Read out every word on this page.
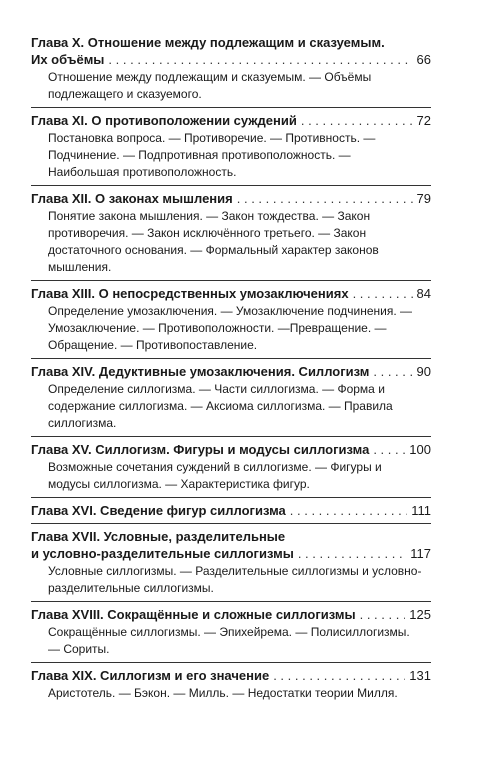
Глава X. Отношение между подлежащим и сказуемым.
Их объёмы . . .	66
Отношение между подлежащим и сказуемым. — Объёмы подлежащего и сказуемого.
Глава XI. О противоположении суждений . . .	72
Постановка вопроса. — Противоречие. — Противность. — Подчинение. — Подпротивная противоположность. — Наибольшая противоположность.
Глава XII. О законах мышления . . .	79
Понятие закона мышления. — Закон тождества. — Закон противоречия. — Закон исключённого третьего. — Закон достаточного основания. — Формальный характер законов мышления.
Глава XIII. О непосредственных умозаключениях . . .	84
Определение умозаключения. — Умозаключение подчинения. — Умозаключение. — Противоположности. —Превращение. — Обращение. — Противопоставление.
Глава XIV. Дедуктивные умозаключения. Силлогизм . . .	90
Определение силлогизма. — Части силлогизма. — Форма и содержание силлогизма. — Аксиома силлогизма. — Правила силлогизма.
Глава XV. Силлогизм. Фигуры и модусы силлогизма . . .	100
Возможные сочетания суждений в силлогизме. — Фигуры и модусы силлогизма. — Характеристика фигур.
Глава XVI. Сведение фигур силлогизма . . .	111
Глава XVII. Условные, разделительные
и условно-разделительные силлогизмы . . .	117
Условные силлогизмы. — Разделительные силлогизмы и условно-разделительные силлогизмы.
Глава XVIII. Сокращённые и сложные силлогизмы . . .	125
Сокращённые силлогизмы. — Эпихейрема. — Полисиллогизмы. — Сориты.
Глава XIX. Силлогизм и его значение . . .	131
Аристотель. — Бэкон. — Милль. — Недостатки теории Милля.
